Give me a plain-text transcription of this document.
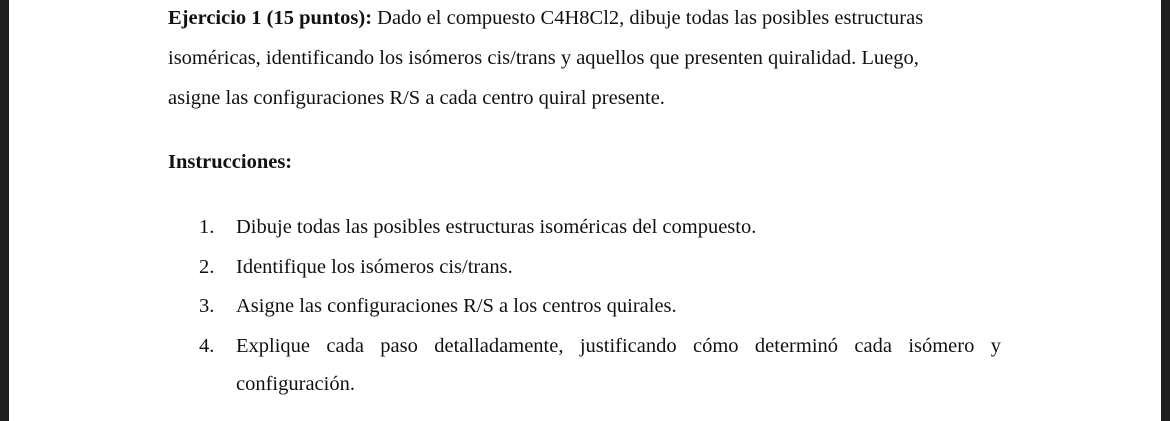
Ejercicio 1 (15 puntos): Dado el compuesto C4H8Cl2, dibuje todas las posibles estructuras
isoméricas, identificando los isómeros cis/trans y aquellos que presenten quiralidad. Luego,
asigne las configuraciones R/S a cada centro quiral presente.
Instrucciones:
1.	Dibuje todas las posibles estructuras isoméricas del compuesto.
2.	Identifique los isómeros cis/trans.
3.	Asigne las configuraciones R/S a los centros quirales.
4.	Explique cada paso detalladamente, justificando cómo determinó cada isómero y
configuración.
